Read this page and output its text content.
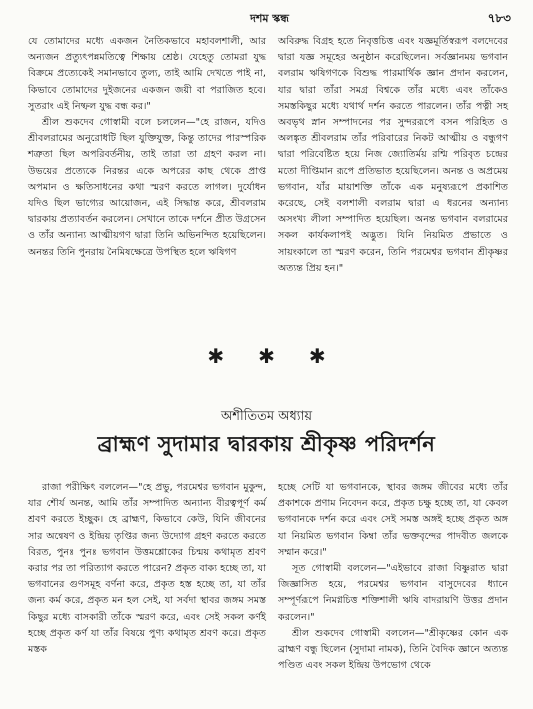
দশম স্কন্ধ	৭৮৩

যে তোমাদের মধ্যে একজন নৈতিকভাবে মহাবলশালী, আর অন্যজন প্রত্যুৎপন্নমতিত্বে শিক্ষায় শ্রেষ্ঠ। যেহেতু তোমরা যুদ্ধ বিক্রমে প্রত্যেকেই সমানভাবে তুল্য, তাই আমি দেখতে পাই না, কিভাবে তোমাদের দুইজনের একজন জয়ী বা পরাজিত হবে। সুতরাং এই নিষ্ফল যুদ্ধ বন্ধ কর।"

শ্রীল শুকদেব গোস্বামী বলে চললেন—"হে রাজন, যদিও শ্রীবলরামের অনুরোধটি ছিল যুক্তিযুক্ত, কিন্তু তাদের পারস্পরিক শত্রুতা ছিল অপরিবর্তনীয়, তাই তারা তা গ্রহণ করল না। উভয়ের প্রত্যেকে নিরন্তর একে অপরের কাছ থেকে প্রাপ্ত অপমান ও ক্ষতিসাধনের কথা স্মরণ করতে লাগল। দুর্যোধন যদিও ছিল ভাগ্যের আয়োজন, এই সিদ্ধান্ত করে, শ্রীবলরাম দ্বারকায় প্রত্যাবর্তন করলেন। সেখানে তাকে দর্শনে প্রীত উগ্রসেন ও তাঁর অন্যান্য আত্মীয়গণ দ্বারা তিনি অভিনন্দিত হয়েছিলেন। অনন্তর তিনি পুনরায় নৈমিষক্ষেত্রে উপস্থিত হলে ঋষিগণ

অবিরুদ্ধ বিগ্রহ হতে নিবৃত্তচিত্ত এবং যজ্ঞমূর্তিস্বরূপ বলদেবের দ্বারা যজ্ঞ সমূহের অনুষ্ঠান করেছিলেন। সর্বজ্ঞানময় ভগবান বলরাম ঋষিগণকে বিশুদ্ধ পারমার্থিক জ্ঞান প্রদান করলেন, যার দ্বারা তাঁরা সমগ্র বিশ্বকে তাঁর মধ্যে এবং তাঁকেও সমস্তকিছুর মধ্যে যথার্থ দর্শন করতে পারলেন। তাঁর পত্নী সহ অবভৃথ স্নান সম্পাদনের পর সুন্দররূপে বসন পরিহিত ও অলঙ্কৃত শ্রীবলরাম তাঁর পরিবারের নিকট আত্মীয় ও বন্ধুগণ দ্বারা পরিবেষ্টিত হয়ে নিজ জ্যোতির্ময় রশ্মি পরিবৃত চন্দ্রের মতো দীপ্তিমান রূপে প্রতিভাত হয়েছিলেন। অনন্ত ও অপ্রমেয় ভগবান, যাঁর মায়াশক্তি তাঁকে এক মনুষ্যরূপে প্রকাশিত করেছে, সেই বলশালী বলরাম দ্বারা এ ধরনের অন্যান্য অসংখ্য লীলা সম্পাদিত হয়েছিল। অনন্ত ভগবান বলরামের সকল কার্যকলাপই অদ্ভুত। যিনি নিয়মিত প্রভাতে ও সায়ংকালে তা স্মরণ করেন, তিনি পরমেশ্বর ভগবান শ্রীকৃষ্ণর অত্যন্ত প্রিয় হন।"

✱✱✱
অশীতিতম অধ্যায়
ব্রাহ্মণ সুদামার দ্বারকায় শ্রীকৃষ্ণ পরিদর্শন

রাজা পরীক্ষিৎ বললেন—"হে প্রভু, পরমেশ্বর ভগবান মুকুন্দ, যার শৌর্য অনন্ত, আমি তাঁর সম্পাদিত অন্যান্য বীরত্বপূর্ণ কর্ম শ্রবণ করতে ইচ্ছুক। হে ব্রাহ্মণ, কিভাবে কেউ, যিনি জীবনের সার অন্বেষণ ও ইন্দ্রিয় তৃপ্তির জন্য উদ্যোগ গ্রহণ করতে করতে বিরত, পুনঃ পুনঃ ভগবান উত্তমশ্লোকের চিন্ময় কথামৃত শ্রবণ করার পর তা পরিত্যাগ করতে পারেন? প্রকৃত বাক্য হচ্ছে তা, যা ভগবানের গুণসমূহ বর্ণনা করে, প্রকৃত হস্ত হচ্ছে তা, যা তাঁর জন্য কর্ম করে, প্রকৃত মন হল সেই, যা সর্বদা স্থাবর জঙ্গম সমস্ত কিছুর মধ্যে বাসকারী তাঁকে স্মরণ করে, এবং সেই সকল কর্ণই হচ্ছে প্রকৃত কর্ণ যা তাঁর বিষয়ে পুণ্য কথামৃত শ্রবণ করে। প্রকৃত মস্তক

হচ্ছে সেটি যা ভগবানকে, স্থাবর জঙ্গম জীবের মধ্যে তাঁর প্রকাশকে প্রণাম নিবেদন করে, প্রকৃত চক্ষু হচ্ছে তা, যা কেবল ভগবানকে দর্শন করে এবং সেই সমস্ত অঙ্গই হচ্ছে প্রকৃত অঙ্গ যা নিয়মিত ভগবান কিম্বা তাঁর ভক্তবৃন্দের পাদবীত জলকে সম্মান করে।"

সূত গোস্বামী বললেন—"এইভাবে রাজা বিষ্ণুরাত দ্বারা জিজ্ঞাসিত হয়ে, পরমেশ্বর ভগবান বাসুদেবের ধ্যানে সম্পূর্ণরূপে নিমগ্নচিত্ত শক্তিশালী ঋষি বাদরায়ণি উত্তর প্রদান করলেন।"

শ্রীল শুকদেব গোস্বামী বললেন—"শ্রীকৃষ্ণের কোন এক ব্রাহ্মণ বন্ধু ছিলেন (সুদামা নামক), তিনি বৈদিক জ্ঞানে অত্যন্ত পণ্ডিত এবং সকল ইন্দ্রিয় উপভোগ থেকে
